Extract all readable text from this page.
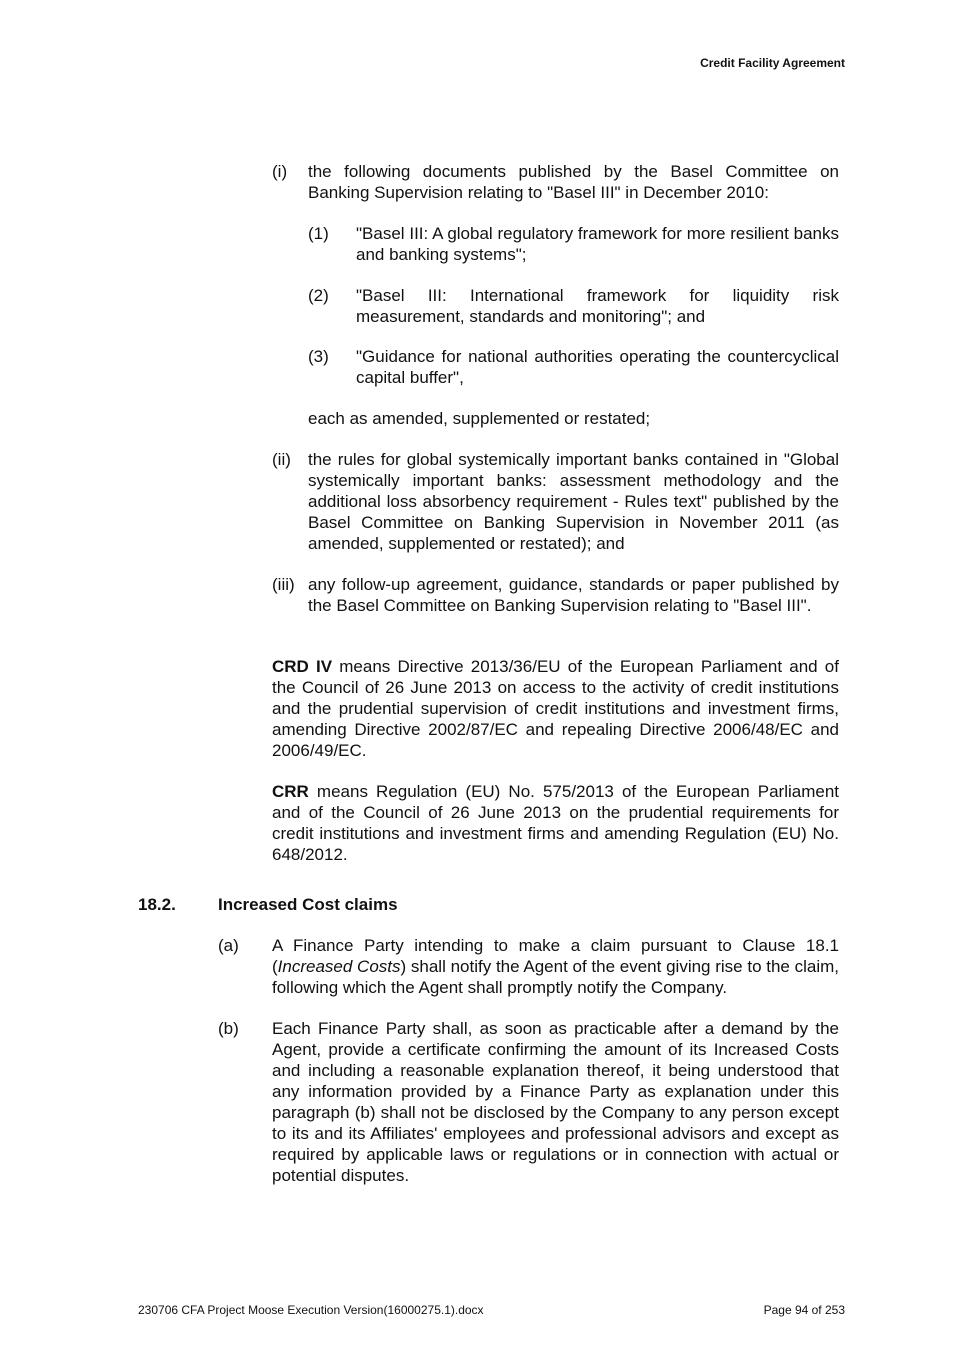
Credit Facility Agreement
(i) the following documents published by the Basel Committee on Banking Supervision relating to "Basel III" in December 2010:
(1) "Basel III: A global regulatory framework for more resilient banks and banking systems";
(2) "Basel III: International framework for liquidity risk measurement, standards and monitoring"; and
(3) "Guidance for national authorities operating the countercyclical capital buffer",
each as amended, supplemented or restated;
(ii) the rules for global systemically important banks contained in "Global systemically important banks: assessment methodology and the additional loss absorbency requirement - Rules text" published by the Basel Committee on Banking Supervision in November 2011 (as amended, supplemented or restated); and
(iii) any follow-up agreement, guidance, standards or paper published by the Basel Committee on Banking Supervision relating to "Basel III".
CRD IV means Directive 2013/36/EU of the European Parliament and of the Council of 26 June 2013 on access to the activity of credit institutions and the prudential supervision of credit institutions and investment firms, amending Directive 2002/87/EC and repealing Directive 2006/48/EC and 2006/49/EC.
CRR means Regulation (EU) No. 575/2013 of the European Parliament and of the Council of 26 June 2013 on the prudential requirements for credit institutions and investment firms and amending Regulation (EU) No. 648/2012.
18.2. Increased Cost claims
(a) A Finance Party intending to make a claim pursuant to Clause 18.1 (Increased Costs) shall notify the Agent of the event giving rise to the claim, following which the Agent shall promptly notify the Company.
(b) Each Finance Party shall, as soon as practicable after a demand by the Agent, provide a certificate confirming the amount of its Increased Costs and including a reasonable explanation thereof, it being understood that any information provided by a Finance Party as explanation under this paragraph (b) shall not be disclosed by the Company to any person except to its and its Affiliates' employees and professional advisors and except as required by applicable laws or regulations or in connection with actual or potential disputes.
230706 CFA Project Moose Execution Version(16000275.1).docx	Page 94 of 253
